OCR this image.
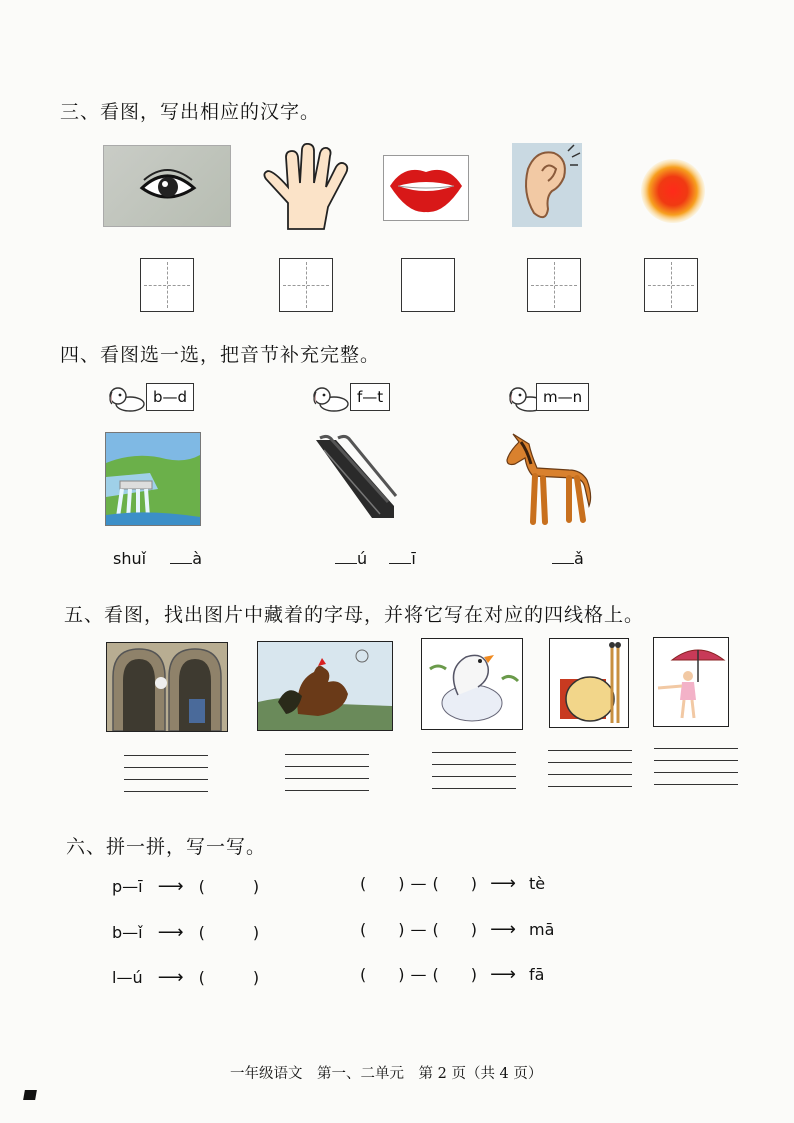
三、看图，写出相应的汉字。
四、看图选一选，把音节补充完整。
b—d	f—t	m—n
shuǐ	à	ú	ī	ǎ
五、看图，找出图片中藏着的字母，并将它写在对应的四线格上。
六、拼一拼，写一写。
p—ī ⟶ (　　　)	(　　) — (　　) ⟶ tè
b—ǐ ⟶ (　　　)	(　　) — (　　) ⟶ mā
l—ú ⟶ (　　　)	(　　) — (　　) ⟶ fā
一年级语文　第一、二单元　第 2 页（共 4 页）
